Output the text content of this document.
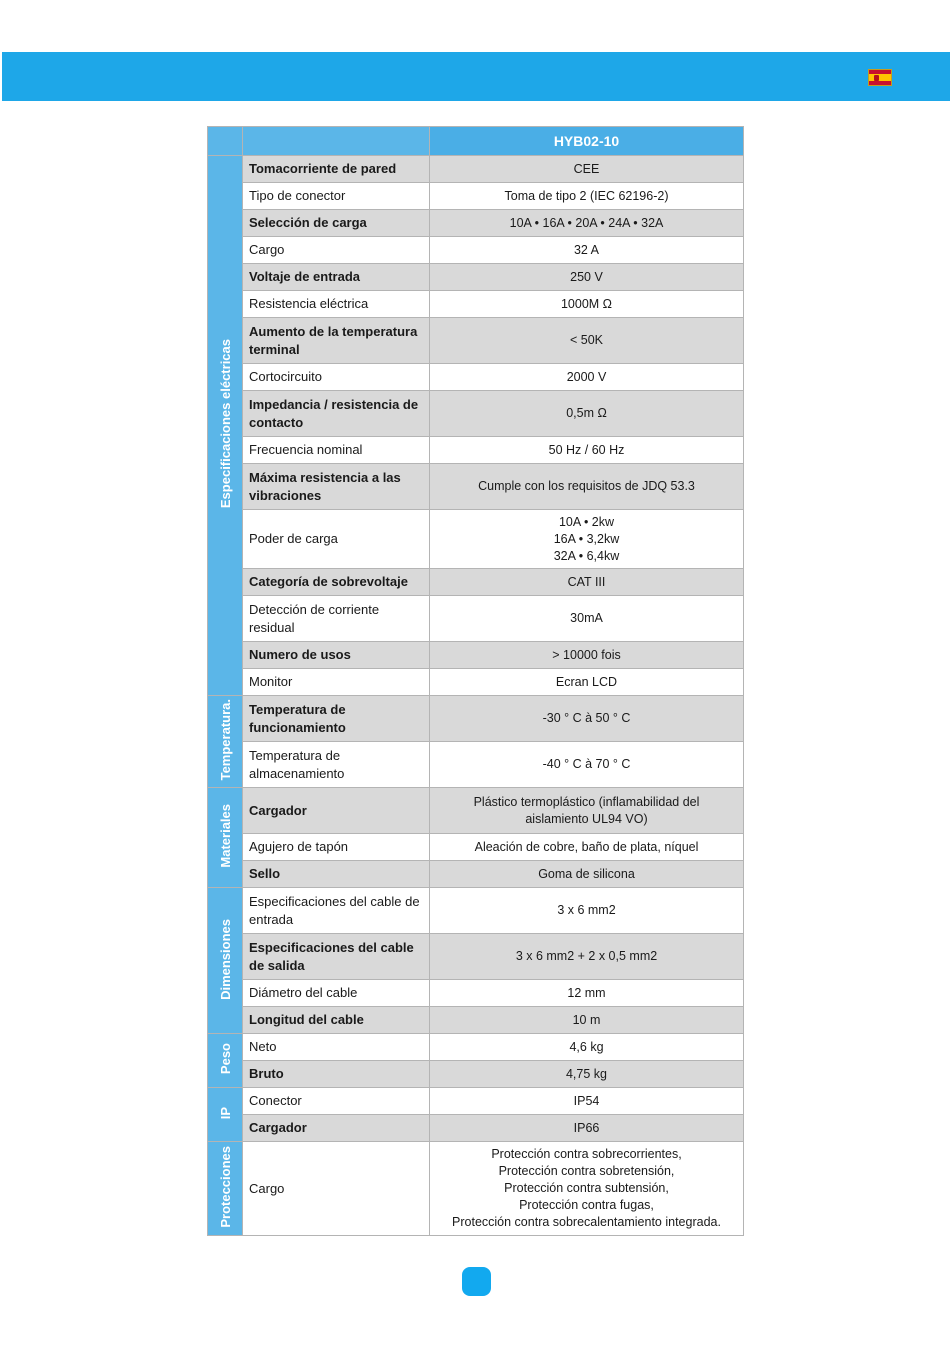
		HYB02-10
Especificaciones eléctricas	Tomacorriente de pared	CEE

	Tipo de conector	Toma de tipo 2 (IEC 62196-2)

	Selección de carga	10A • 16A • 20A • 24A • 32A

	Cargo	32 A

	Voltaje de entrada	250 V

	Resistencia eléctrica	1000M Ω

	Aumento de la temperatura terminal	< 50K

	Cortocircuito	2000 V

	Impedancia / resistencia de contacto	0,5m Ω

	Frecuencia nominal	50 Hz / 60 Hz

	Máxima resistencia a las vibraciones	Cumple con los requisitos de JDQ 53.3

	Poder de carga	10A • 2kw
16A • 3,2kw
32A • 6,4kw

	Categoría de sobrevoltaje	CAT III

	Detección de corriente residual	30mA

	Numero de usos	> 10000 fois

	Monitor	Ecran LCD

Temperatura.	Temperatura de funcionamiento	-30 ° C à 50 ° C

	Temperatura de almacenamiento	-40 ° C à 70 ° C

Materiales	Cargador	Plástico termoplástico (inflamabilidad del
aislamiento UL94 VO)

	Agujero de tapón	Aleación de cobre, baño de plata, níquel

	Sello	Goma de silicona

Dimensiones	Especificaciones del cable de entrada	3 x 6 mm2

	Especificaciones del cable de salida	3 x 6 mm2 + 2 x 0,5 mm2

	Diámetro del cable	12 mm

	Longitud del cable	10 m

Peso	Neto	4,6 kg

	Bruto	4,75 kg

IP	Conector	IP54

	Cargador	IP66

Protecciones	Cargo	Protección contra sobrecorrientes,
Protección contra sobretensión,
Protección contra subtensión,
Protección contra fugas,
Protección contra sobrecalentamiento integrada.
